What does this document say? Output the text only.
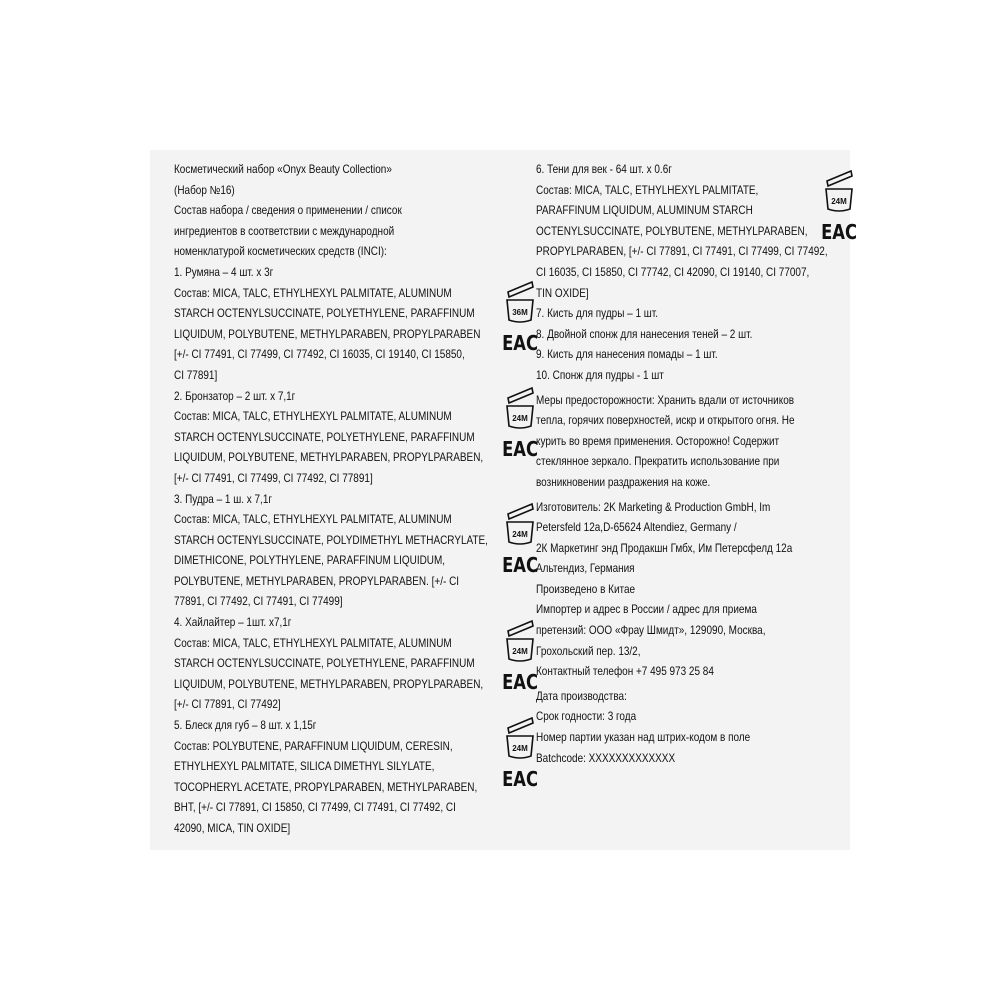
Косметический набор «Onyx Beauty Collection»

(Набор №16)

Состав набора / сведения о применении / список

ингредиентов в соответствии с международной

номенклатурой косметических средств (INCI):

1. Румяна – 4 шт. х 3г

Состав: MICA, TALC, ETHYLHEXYL PALMITATE, ALUMINUM

STARCH OCTENYLSUCCINATE, POLYETHYLENE, PARAFFINUM

LIQUIDUM, POLYBUTENE, METHYLPARABEN, PROPYLPARABEN

[+/- CI 77491, CI 77499, CI 77492, CI 16035, CI 19140, CI 15850,

CI 77891]

2. Бронзатор – 2 шт. х 7,1г

Состав: MICA, TALC, ETHYLHEXYL PALMITATE, ALUMINUM

STARCH OCTENYLSUCCINATE, POLYETHYLENE, PARAFFINUM

LIQUIDUM, POLYBUTENE, METHYLPARABEN, PROPYLPARABEN,

[+/- CI 77491, CI 77499, CI 77492, CI 77891]

3. Пудра – 1 ш. х 7,1г

Состав: MICA, TALC, ETHYLHEXYL PALMITATE, ALUMINUM

STARCH OCTENYLSUCCINATE, POLYDIMETHYL METHACRYLATE,

DIMETHICONE, POLYTHYLENE, PARAFFINUM LIQUIDUM,

POLYBUTENE, METHYLPARABEN, PROPYLPARABEN. [+/- CI

77891, CI 77492, CI 77491, CI 77499]

4. Хайлайтер – 1шт. х7,1г

Состав: MICA, TALC, ETHYLHEXYL PALMITATE, ALUMINUM

STARCH OCTENYLSUCCINATE, POLYETHYLENE, PARAFFINUM

LIQUIDUM, POLYBUTENE, METHYLPARABEN, PROPYLPARABEN,

[+/- CI 77891, CI 77492]

5. Блеск для губ – 8 шт. х 1,15г

Состав: POLYBUTENE, PARAFFINUM LIQUIDUM, CERESIN,

ETHYLHEXYL PALMITATE, SILICA DIMETHYL SILYLATE,

TOCOPHERYL ACETATE, PROPYLPARABEN, METHYLPARABEN,

BHT, [+/- CI 77891, CI 15850, CI 77499, CI 77491, CI 77492, CI

42090, MICA, TIN OXIDE]

6. Тени для век - 64 шт. х 0.6г

Состав: MICA, TALC, ETHYLHEXYL PALMITATE,

PARAFFINUM LIQUIDUM, ALUMINUM STARCH

OCTENYLSUCCINATE, POLYBUTENE, METHYLPARABEN,

PROPYLPARABEN, [+/- CI 77891, CI 77491, CI 77499, CI 77492,

CI 16035, CI 15850, CI 77742, CI 42090, CI 19140, CI 77007,

TIN OXIDE]

7. Кисть для пудры – 1 шт.

8. Двойной спонж для нанесения теней – 2 шт.

9. Кисть для нанесения помады – 1 шт.

10. Спонж для пудры - 1 шт

Меры предосторожности: Хранить вдали от источников

тепла, горячих поверхностей, искр и открытого огня. Не

курить во время применения. Осторожно! Содержит

стеклянное зеркало. Прекратить использование при

возникновении раздражения на коже.

Изготовитель: 2K Marketing & Production GmbH, Im

Petersfeld 12a,D-65624 Altendiez, Germany /

2К Маркетинг энд Продакшн Гмбх, Им Петерсфелд 12а

Альтендиз, Германия

Произведено в Китае

Импортер и адрес в России / адрес для приема

претензий: ООО «Фрау Шмидт», 129090, Москва,

Грохольский пер. 13/2,

Контактный телефон +7 495 973 25 84

Дата производства:

Срок годности: 3 года

Номер партии указан над штрих-кодом в поле

Batchcode: XXXXXXXXXXXXX

36M
EAC
24M
EAC
24M
EAC
24M
EAC
24M
EAC
24M
EAC
